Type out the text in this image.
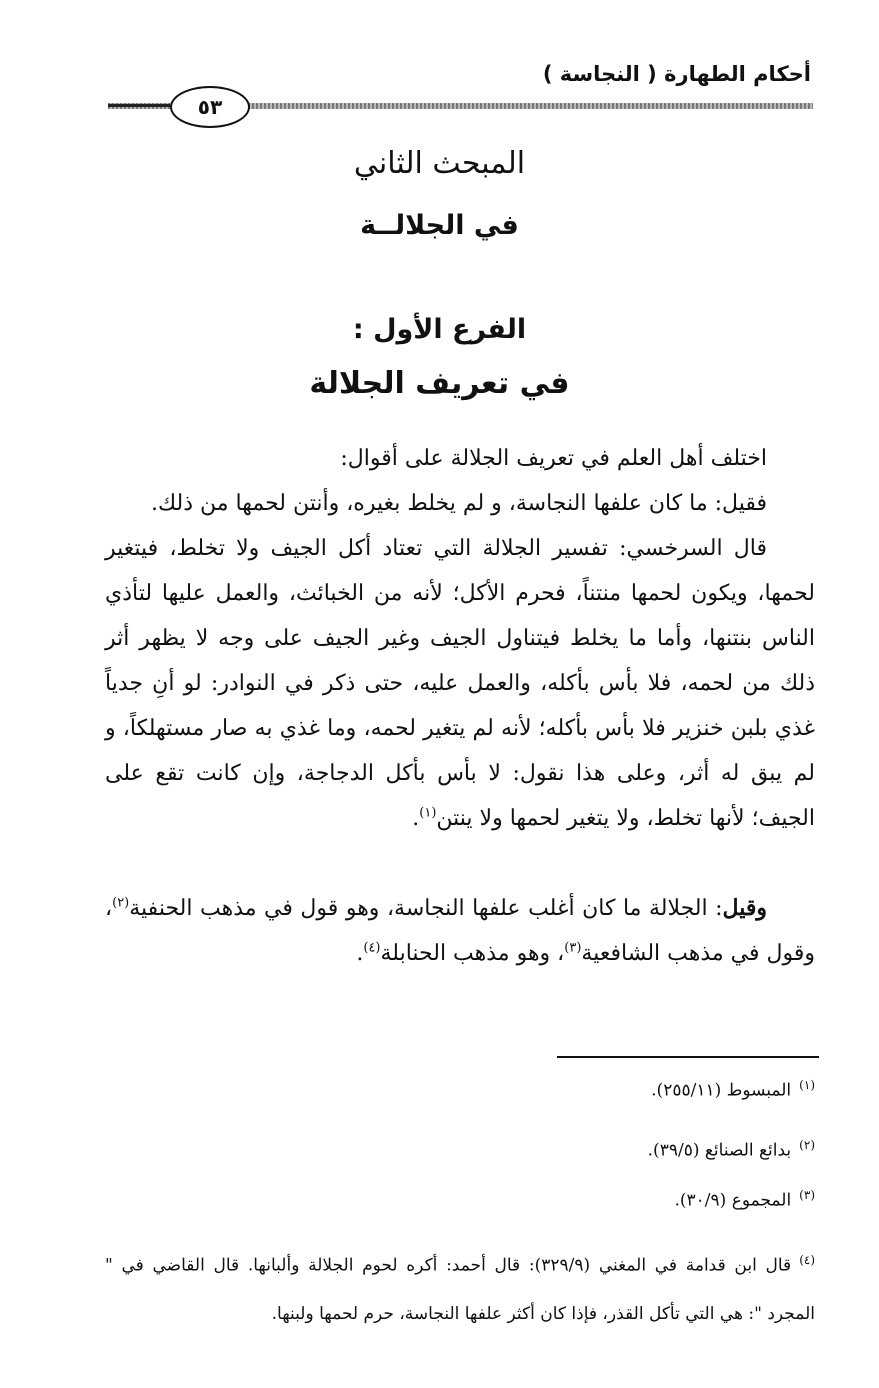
أحكام الطهارة ( النجاسة )
٥٣
المبحث الثاني
في الجلالــة
الفرع الأول :
في تعريف الجلالة

اختلف أهل العلم في تعريف الجلالة على أقوال:

فقيل: ما كان علفها النجاسة، و لم يخلط بغيره، وأنتن لحمها من ذلك.

قال السرخسي: تفسير الجلالة التي تعتاد أكل الجيف ولا تخلط، فيتغير لحمها، ويكون لحمها منتناً، فحرم الأكل؛ لأنه من الخبائث، والعمل عليها لتأذي الناس بنتنها، وأما ما يخلط فيتناول الجيف وغير الجيف على وجه لا يظهر أثر ذلك من لحمه، فلا بأس بأكله، والعمل عليه، حتى ذكر في النوادر: لو أنِ جدياً غذي بلبن خنزير فلا بأس بأكله؛ لأنه لم يتغير لحمه، وما غذي به صار مستهلكاً، و لم يبق له أثر، وعلى هذا نقول: لا بأس بأكل الدجاجة، وإن كانت تقع على الجيف؛ لأنها تخلط، ولا يتغير لحمها ولا ينتن$^{(١)}$.

وقيل: الجلالة ما كان أغلب علفها النجاسة، وهو قول في مذهب الحنفية$^{(٢)}$، وقول في مذهب الشافعية$^{(٣)}$، وهو مذهب الحنابلة$^{(٤)}$.

$^{(١)}$المبسوط (٢٥٥/١١).
$^{(٢)}$بدائع الصنائع (٣٩/٥).
$^{(٣)}$المجموع (٣٠/٩).
$^{(٤)}$قال ابن قدامة في المغني (٣٢٩/٩): قال أحمد: أكره لحوم الجلالة وألبانها. قال القاضي في " المجرد ": هي التي تأكل القذر، فإذا كان أكثر علفها النجاسة، حرم لحمها ولبنها.
